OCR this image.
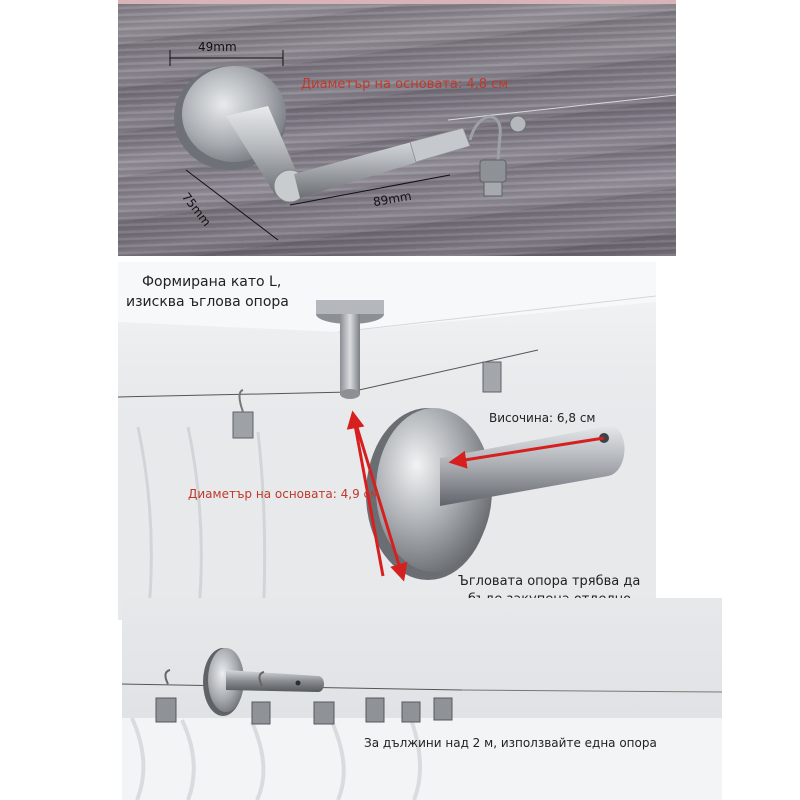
49mm
Диаметър на основата: 4,8 см
75mm	89mm
Формирана като L,
изисква ъглова опора
Височина: 6,8 см
Диаметър на основата: 4,9 см
Ъгловата опора трябва да
За дължини над 2 м, използвайте една опора
